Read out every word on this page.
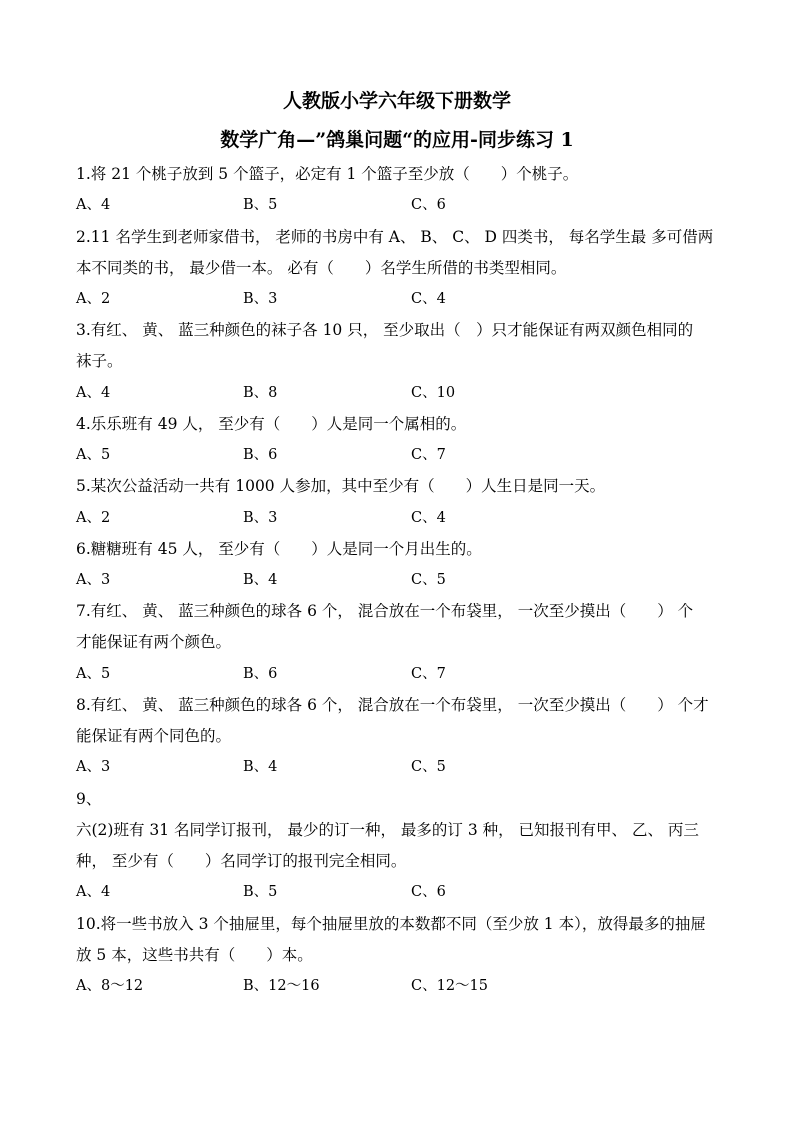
人教版小学六年级下册数学
数学广角—”鸽巢问题“的应用-同步练习 1
1.将 21 个桃子放到 5 个篮子，必定有 1 个篮子至少放（　　）个桃子。
A、4	B、5	C、6
2.11 名学生到老师家借书， 老师的书房中有 A、 B、 C、 D 四类书， 每名学生最 多可借两
本不同类的书， 最少借一本。 必有（　　）名学生所借的书类型相同。
A、2	B、3	C、4
3.有红、 黄、 蓝三种颜色的袜子各 10 只， 至少取出（　）只才能保证有两双颜色相同的
袜子。
A、4	B、8	C、10
4.乐乐班有 49 人， 至少有（　　）人是同一个属相的。
A、5	B、6	C、7
5.某次公益活动一共有 1000 人参加，其中至少有（　　）人生日是同一天。
A、2	B、3	C、4
6.糖糖班有 45 人， 至少有（　　）人是同一个月出生的。
A、3	B、4	C、5
7.有红、 黄、 蓝三种颜色的球各 6 个， 混合放在一个布袋里， 一次至少摸出（　　） 个
才能保证有两个颜色。
A、5	B、6	C、7
8.有红、 黄、 蓝三种颜色的球各 6 个， 混合放在一个布袋里， 一次至少摸出（　　） 个才
能保证有两个同色的。
A、3	B、4	C、5
9、
六(2)班有 31 名同学订报刊， 最少的订一种， 最多的订 3 种， 已知报刊有甲、 乙、 丙三
种， 至少有（　　）名同学订的报刊完全相同。
A、4	B、5	C、6
10.将一些书放入 3 个抽屉里，每个抽屉里放的本数都不同（至少放 1 本），放得最多的抽屉
放 5 本，这些书共有（　　）本。
A、8～12	B、12～16	C、12～15
